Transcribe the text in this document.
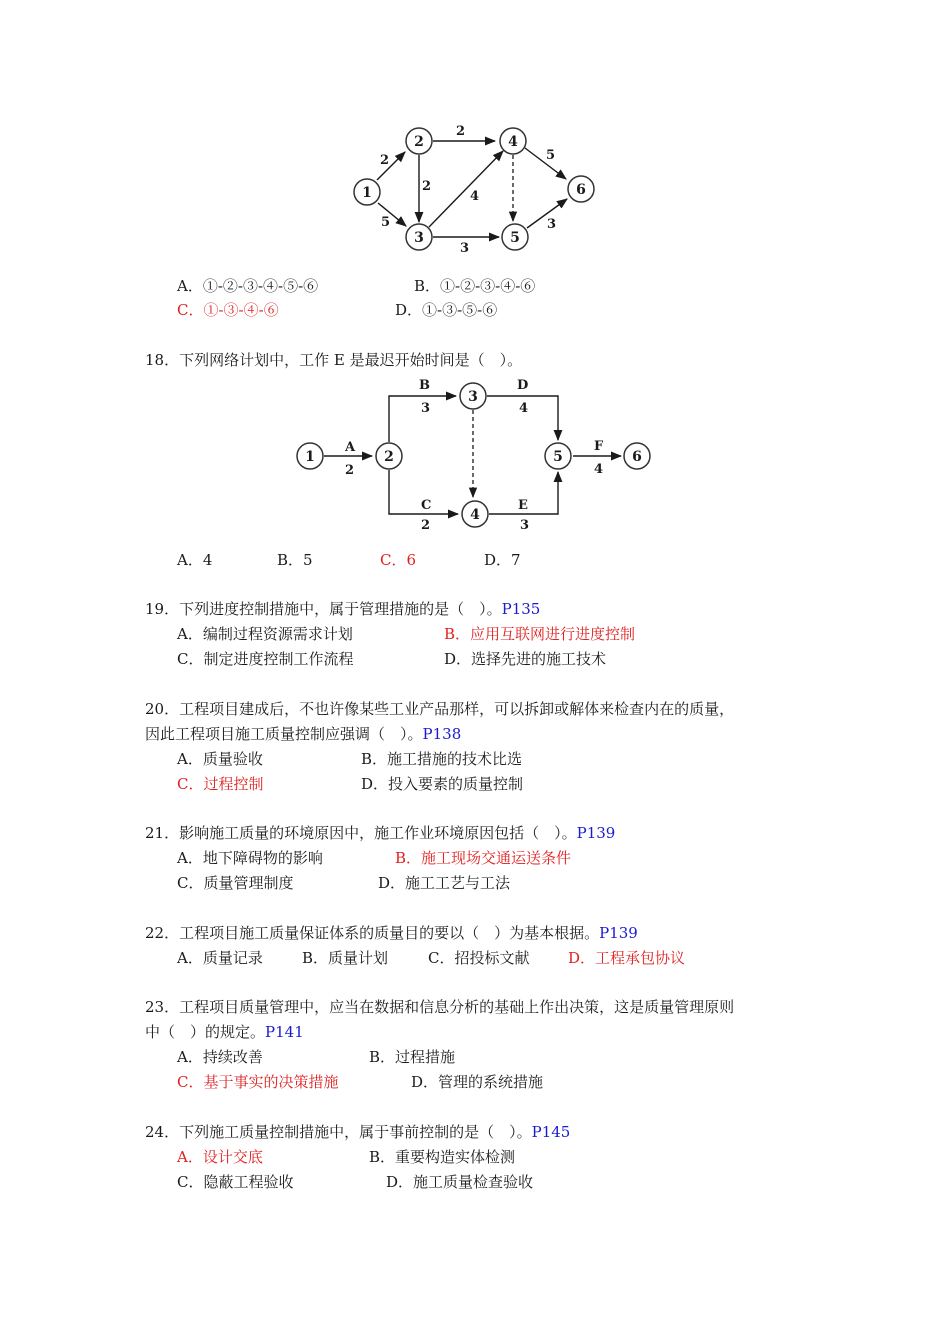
2
5
2
2
4
3
5
3
1
2
3
4
5
6
A
2
B
3
C
2
D
4
E
3
F
4
1	2
3
4
5	6
A．①-②-③-④-⑤-⑥	B．①-②-③-④-⑥
C．①-③-④-⑥	D．①-③-⑤-⑥
18．下列网络计划中，工作 E 是最迟开始时间是（　）。
A．4	B．5	C．6	D．7
19．下列进度控制措施中，属于管理措施的是（　）。P135
A．编制过程资源需求计划	B．应用互联网进行进度控制
C．制定进度控制工作流程	D．选择先进的施工技术
20．工程项目建成后，不也许像某些工业产品那样，可以拆卸或解体来检查内在的质量，
因此工程项目施工质量控制应强调（　）。P138
A．质量验收	B．施工措施的技术比选
C．过程控制	D．投入要素的质量控制
21．影响施工质量的环境原因中，施工作业环境原因包括（　）。P139
A．地下障碍物的影响	B．施工现场交通运送条件
C．质量管理制度	D．施工工艺与工法
22．工程项目施工质量保证体系的质量目的要以（　）为基本根据。P139
A．质量记录	B．质量计划	C．招投标文献	D．工程承包协议
23．工程项目质量管理中，应当在数据和信息分析的基础上作出决策，这是质量管理原则
中（　）的规定。P141
A．持续改善	B．过程措施
C．基于事实的决策措施	D．管理的系统措施
24．下列施工质量控制措施中，属于事前控制的是（　）。P145
A．设计交底	B．重要构造实体检测
C．隐蔽工程验收	D．施工质量检查验收
